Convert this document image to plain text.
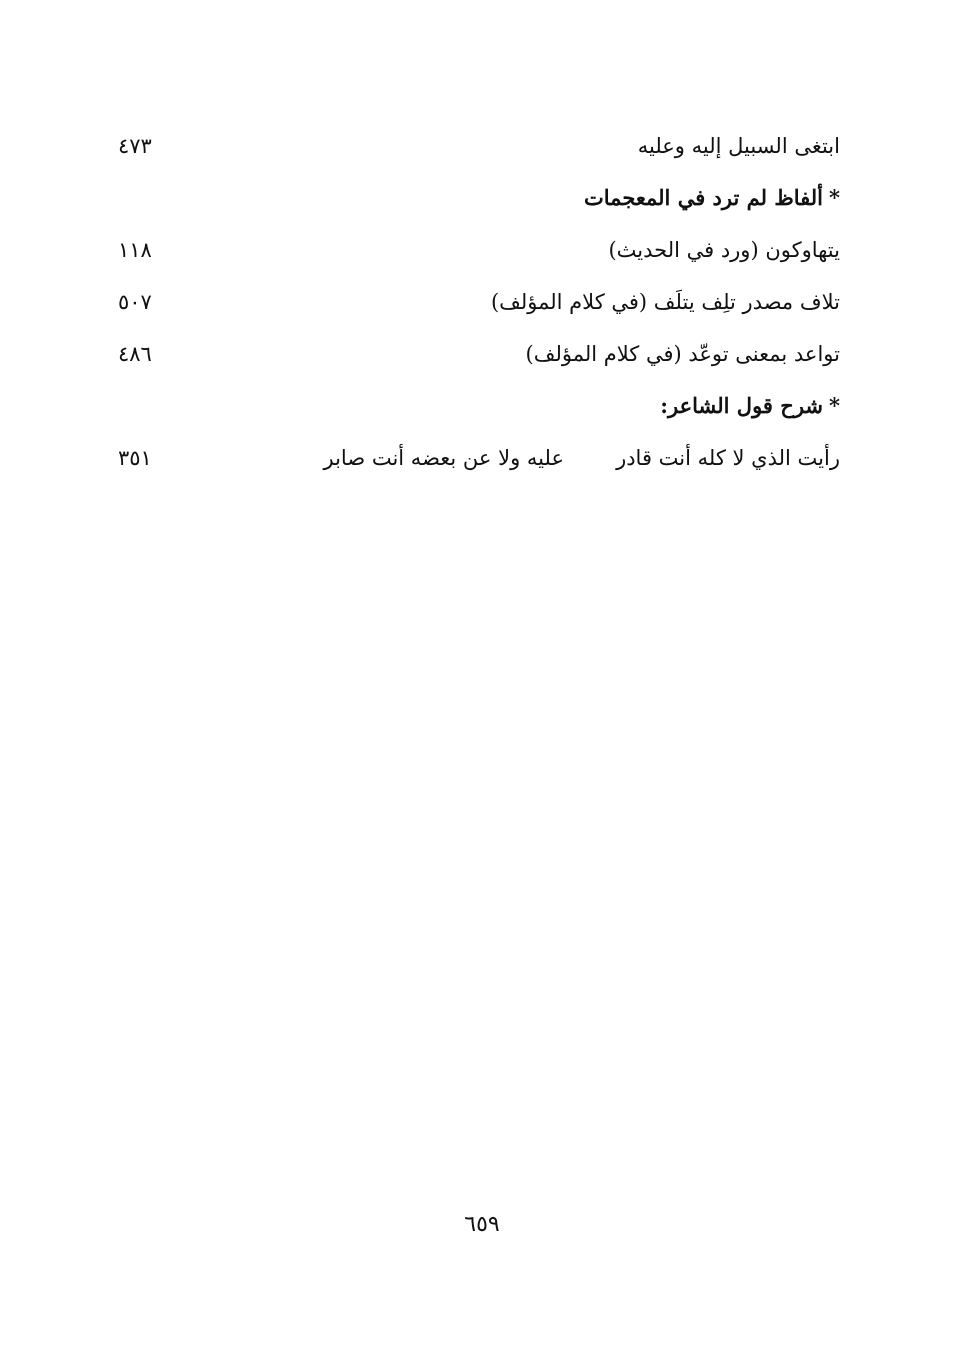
ابتغى السبيل إليه وعليه
٤٧٣
*ألفاظ لم ترد في المعجمات
يتهاوكون (ورد في الحديث)
١١٨
تلاف مصدر تلِف يتلَف (في كلام المؤلف)
٥٠٧
تواعد بمعنى توعّد (في كلام المؤلف)
٤٨٦
*شرح قول الشاعر:
رأيت الذي لا كله أنت قادر
عليه ولا عن بعضه أنت صابر
٣٥١
٦٥٩
